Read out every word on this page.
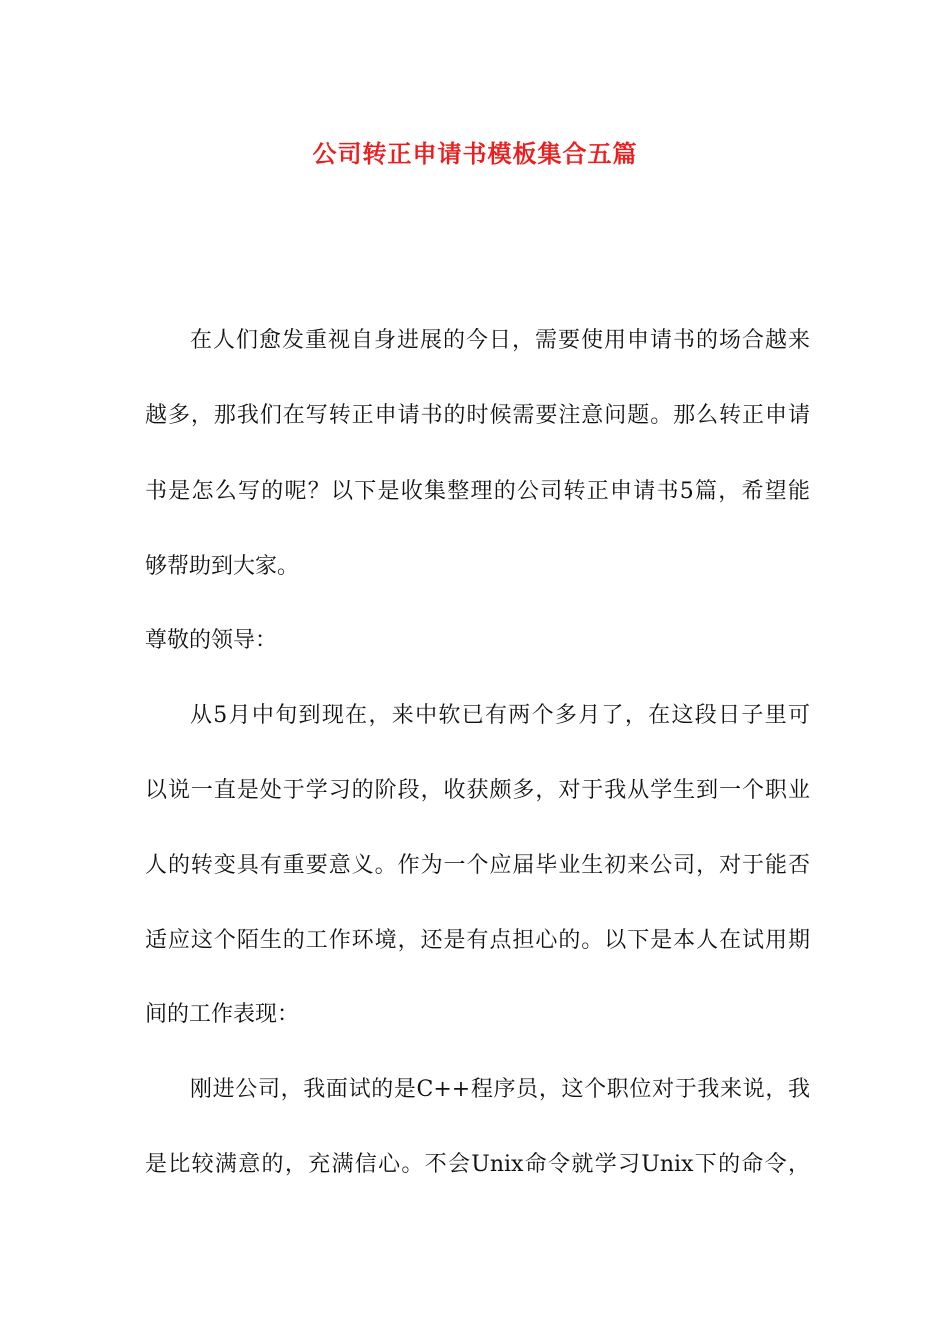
公司转正申请书模板集合五篇
在人们愈发重视自身进展的今日，需要使用申请书的场合越来
越多，那我们在写转正申请书的时候需要注意问题。那么转正申请
书是怎么写的呢？以下是收集整理的公司转正申请书5篇，希望能
够帮助到大家。
尊敬的领导：
从5月中旬到现在，来中软已有两个多月了，在这段日子里可
以说一直是处于学习的阶段，收获颇多，对于我从学生到一个职业
人的转变具有重要意义。作为一个应届毕业生初来公司，对于能否
适应这个陌生的工作环境，还是有点担心的。以下是本人在试用期
间的工作表现：
刚进公司，我面试的是C++程序员，这个职位对于我来说，我
是比较满意的，充满信心。不会Unix命令就学习Unix下的命令，
